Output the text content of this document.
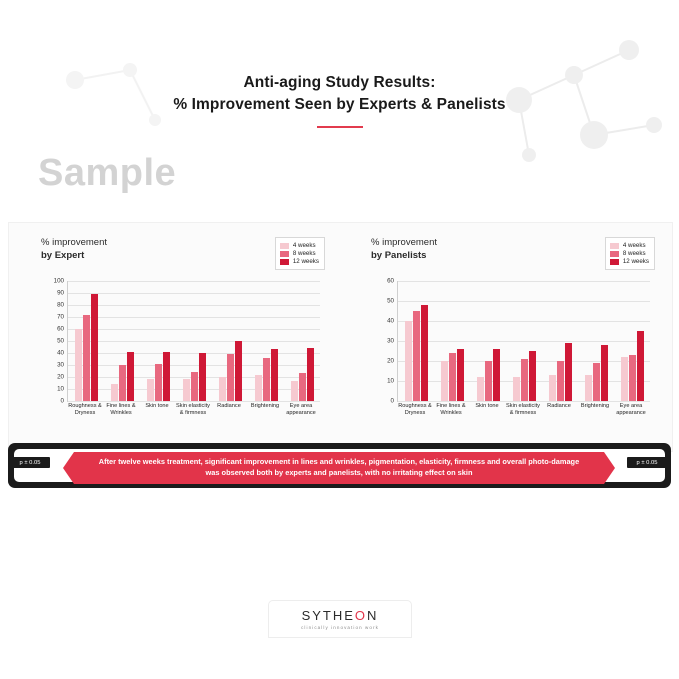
Anti-aging Study Results:
% Improvement Seen by Experts & Panelists
Sample
% improvement
by Expert
4 weeks
8 weeks
12 weeks
0
10
20
30
40
50
60
70
80
90
100
Roughness & Dryness
Fine lines & Wrinkles
Skin tone	Skin elasticity & firmness
Radiance	Brightening	Eye area appearance
% improvement
by Panelists
4 weeks
8 weeks
12 weeks
0
10
20
30
40
50
60
Roughness & Dryness
Fine lines & Wrinkles
Skin tone	Skin elasticity & firmness
Radiance	Brightening	Eye area appearance
p ± 0.05	p ± 0.05
After twelve weeks treatment, significant improvement in lines and wrinkles, pigmentation, elasticity, firmness and overall photo-damage was observed both by experts and panelists, with no irritating effect on skin
SYTHEON
clinically innovation work
